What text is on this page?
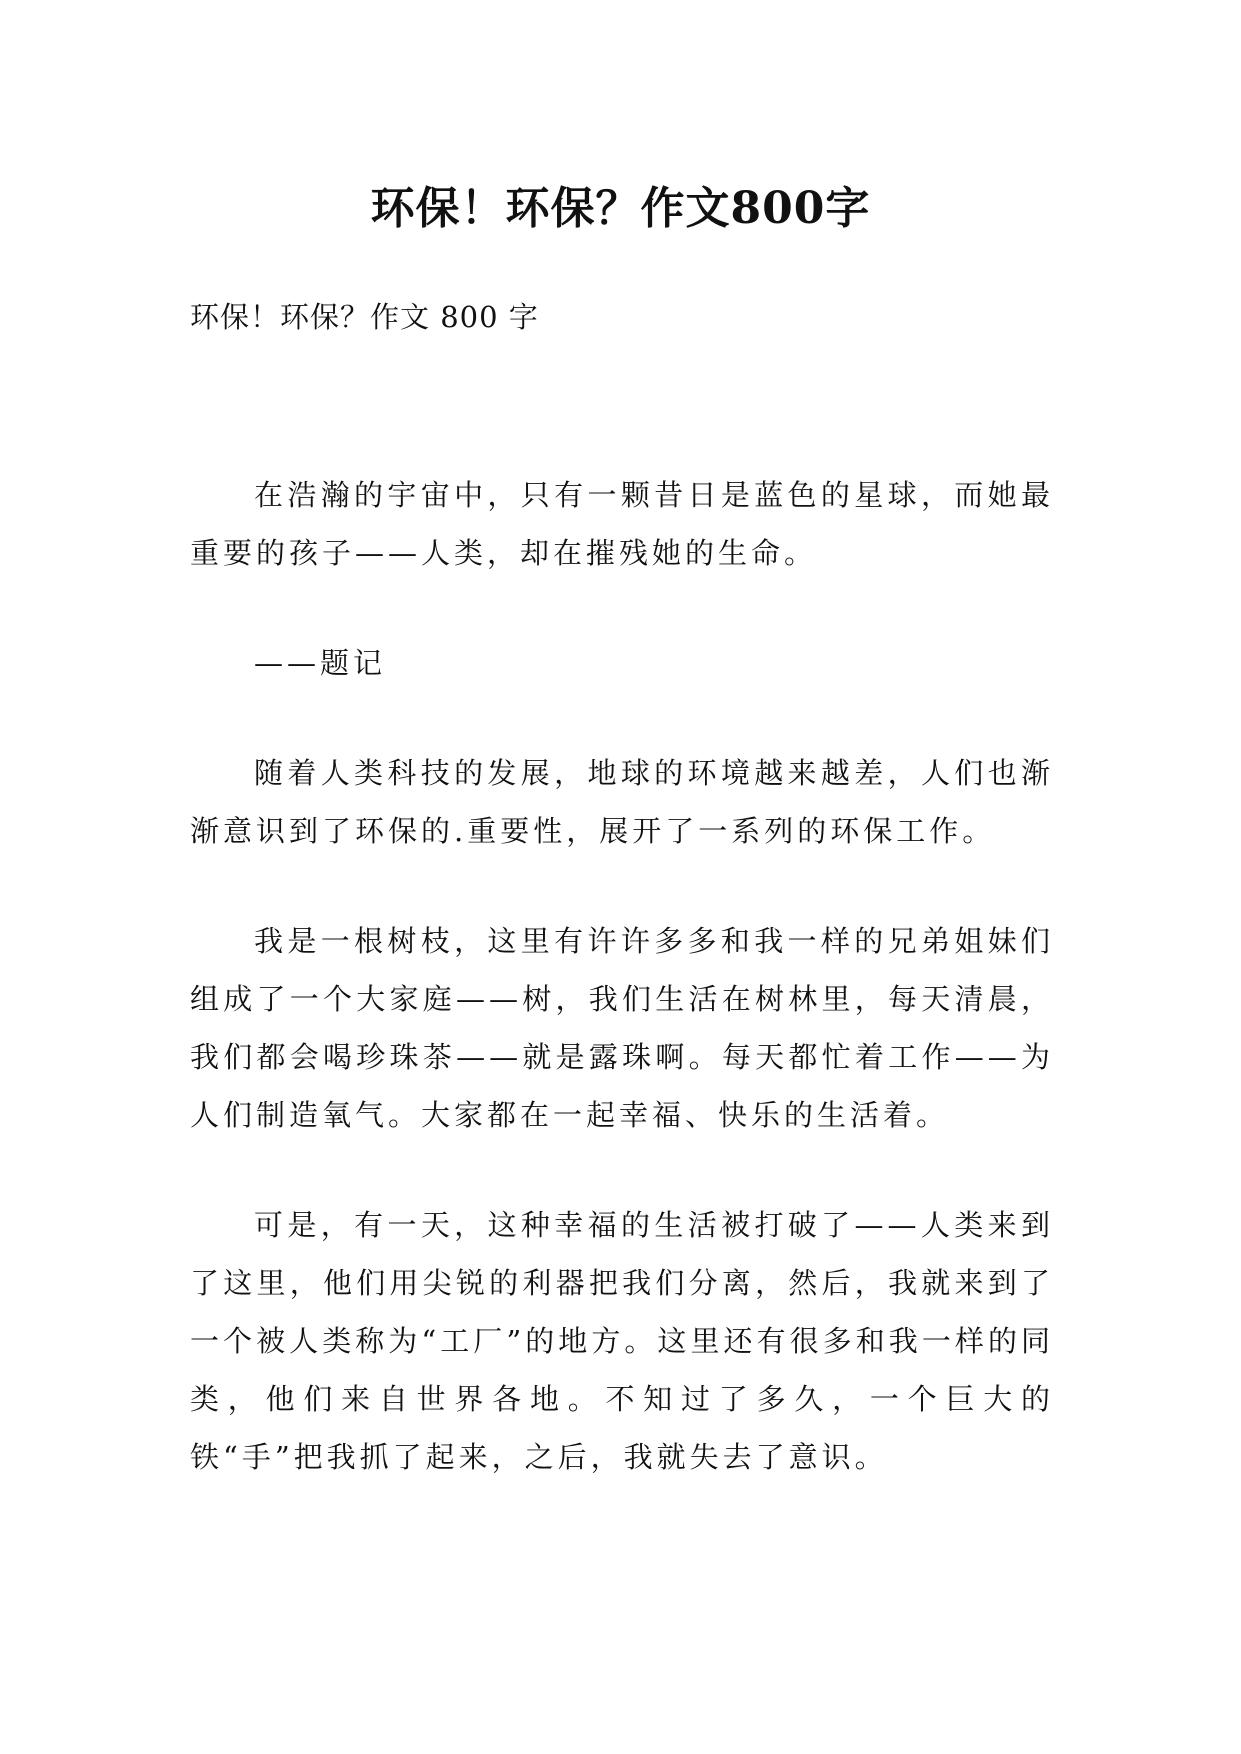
环保！环保？作文800字
环保！环保？作文 800 字

在浩瀚的宇宙中，只有一颗昔日是蓝色的星球，而她最重要的孩子——人类，却在摧残她的生命。

——题记

随着人类科技的发展，地球的环境越来越差，人们也渐渐意识到了环保的.重要性，展开了一系列的环保工作。

我是一根树枝，这里有许许多多和我一样的兄弟姐妹们组成了一个大家庭——树，我们生活在树林里，每天清晨，我们都会喝珍珠茶——就是露珠啊。每天都忙着工作——为人们制造氧气。大家都在一起幸福、快乐的生活着。

可是，有一天，这种幸福的生活被打破了——人类来到了这里，他们用尖锐的利器把我们分离，然后，我就来到了一个被人类称为“工厂”的地方。这里还有很多和我一样的同类，他们来自世界各地。不知过了多久，一个巨大的铁“手”把我抓了起来，之后，我就失去了意识。
